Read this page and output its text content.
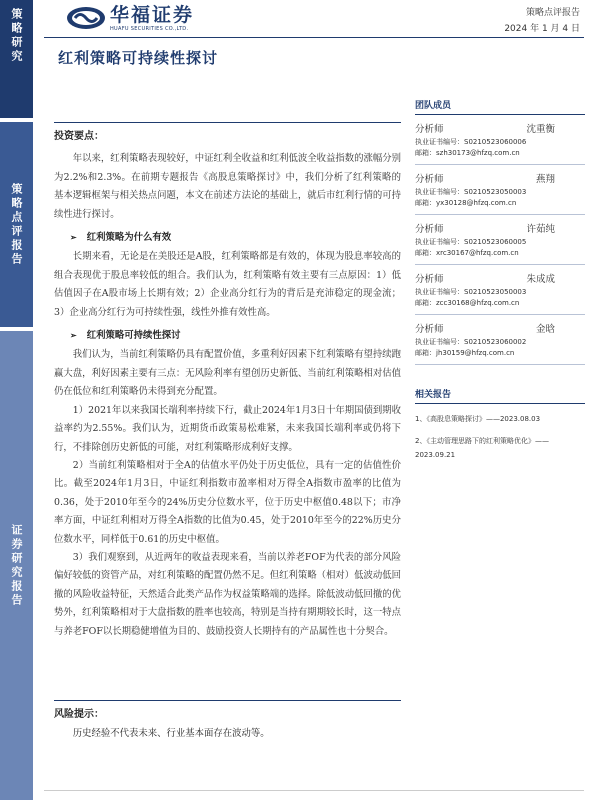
策略研究
策略点评报告
证券研究报告
华福证券
HUAFU SECURITIES CO.,LTD.
策略点评报告
2024 年 1 月 4 日
红利策略可持续性探讨
投资要点：

年以来，红利策略表现较好，中证红利全收益和红利低波全收益指数的涨幅分别为2.2%和2.3%。在前期专题报告《高股息策略探讨》中，我们分析了红利策略的基本逻辑框架与相关热点问题，本文在前述方法论的基础上，就后市红利行情的可持续性进行探讨。

➢ 红利策略为什么有效

长期来看，无论是在美股还是A股，红利策略都是有效的，体现为股息率较高的组合表现优于股息率较低的组合。我们认为，红利策略有效主要有三点原因：1）低估值因子在A股市场上长期有效；2）企业高分红行为的背后是充沛稳定的现金流；3）企业高分红行为可持续性强，线性外推有效性高。

➢ 红利策略可持续性探讨

我们认为，当前红利策略仍具有配置价值，多重利好因素下红利策略有望持续跑赢大盘，利好因素主要有三点：无风险利率有望创历史新低、当前红利策略相对估值仍在低位和红利策略仍未得到充分配置。

1）2021年以来我国长端利率持续下行，截止2024年1月3日十年期国债到期收益率约为2.55%。我们认为，近期货币政策易松难紧，未来我国长端利率或仍将下行，不排除创历史新低的可能，对红利策略形成利好支撑。

2）当前红利策略相对于全A的估值水平仍处于历史低位，具有一定的估值性价比。截至2024年1月3日，中证红利指数市盈率相对万得全A指数市盈率的比值为0.36，处于2010年至今的24%历史分位数水平，位于历史中枢值0.48以下；市净率方面，中证红利相对万得全A指数的比值为0.45，处于2010年至今的22%历史分位数水平，同样低于0.61的历史中枢值。

3）我们观察到，从近两年的收益表现来看，当前以养老FOF为代表的部分风险偏好较低的资管产品，对红利策略的配置仍然不足。但红利策略（相对）低波动低回撤的风险收益特征，天然适合此类产品作为权益策略端的选择。除低波动低回撤的优势外，红利策略相对于大盘指数的胜率也较高，特别是当持有期期较长时，这一特点与养老FOF以长期稳健增值为目的、鼓励投资人长期持有的产品属性也十分契合。

风险提示：

历史经验不代表未来、行业基本面存在波动等。

团队成员
分析师	沈重衡
执业证书编号：S0210523060006
邮箱：szh30173@hfzq.com.cn
分析师	燕翔
执业证书编号：S0210523050003
邮箱：yx30128@hfzq.com.cn
分析师	许茹纯
执业证书编号：S0210523060005
邮箱：xrc30167@hfzq.com.cn
分析师	朱成成
执业证书编号：S0210523050003
邮箱：zcc30168@hfzq.com.cn
分析师	金晗
执业证书编号：S0210523060002
邮箱：jh30159@hfzq.com.cn
相关报告
1、《高股息策略探讨》——2023.08.03
2、《主动管理思路下的红利策略优化》——2023.09.21
